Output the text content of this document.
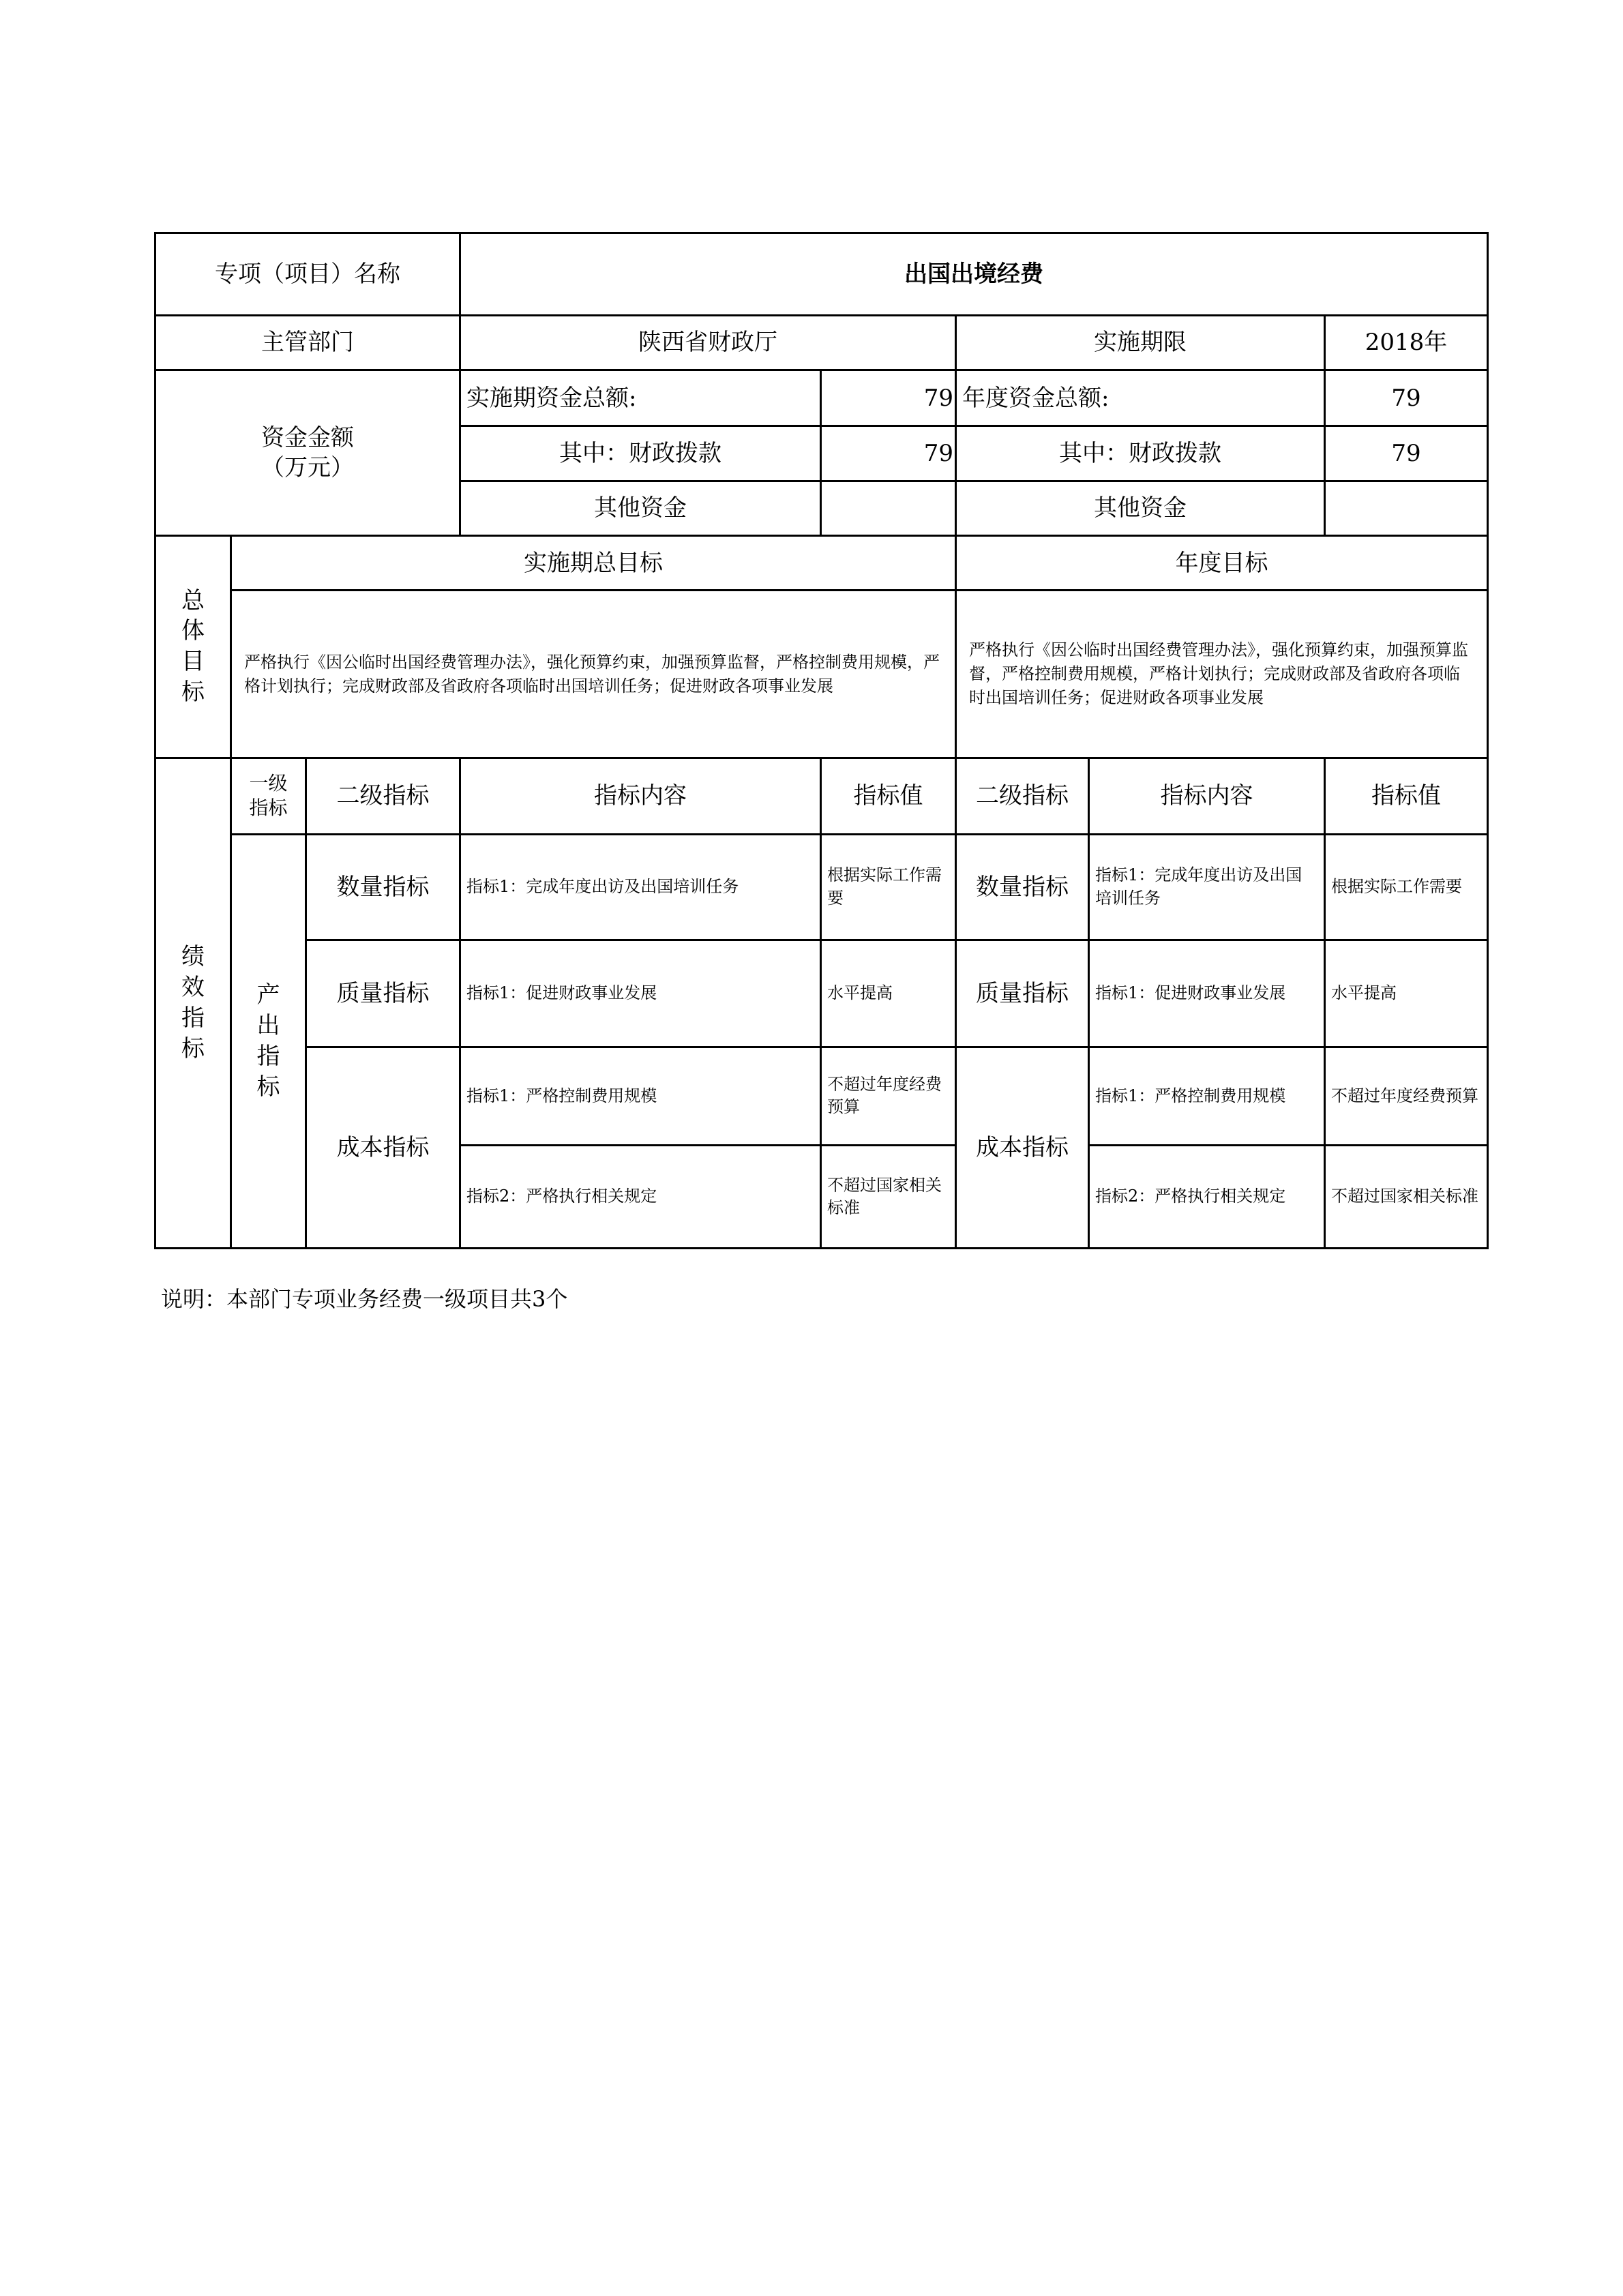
专项（项目）名称			出国出境经费				
主管部门			陕西省财政厅		实施期限		2018年

资金金额
（万元）			实施期资金总额:	79	年度资金总额:		79
			其中：财政拨款	79	其中：财政拨款		79
			其他资金		其他资金		

总
体
目
标	实施期总目标				年度目标		
	严格执行《因公临时出国经费管理办法》，强化预算约束，加强预算监督，严格控制费用规模，严格计划执行；完成财政部及省政府各项临时出国培训任务；促进财政各项事业发展				严格执行《因公临时出国经费管理办法》，强化预算约束，加强预算监督，严格控制费用规模，严格计划执行；完成财政部及省政府各项临时出国培训任务；促进财政各项事业发展		

绩
效
指
标	一级
指标	二级指标	指标内容	指标值	二级指标	指标内容	指标值

	产
出
指
标	数量指标	指标1：完成年度出访及出国培训任务	根据实际工作需要	数量指标	指标1：完成年度出访及出国培训任务	根据实际工作需要
		质量指标	指标1：促进财政事业发展	水平提高	质量指标	指标1：促进财政事业发展	水平提高
		成本指标	指标1：严格控制费用规模	不超过年度经费预算	成本指标	指标1：严格控制费用规模	不超过年度经费预算
			指标2：严格执行相关规定	不超过国家相关标准		指标2：严格执行相关规定	不超过国家相关标准
说明：本部门专项业务经费一级项目共3个
